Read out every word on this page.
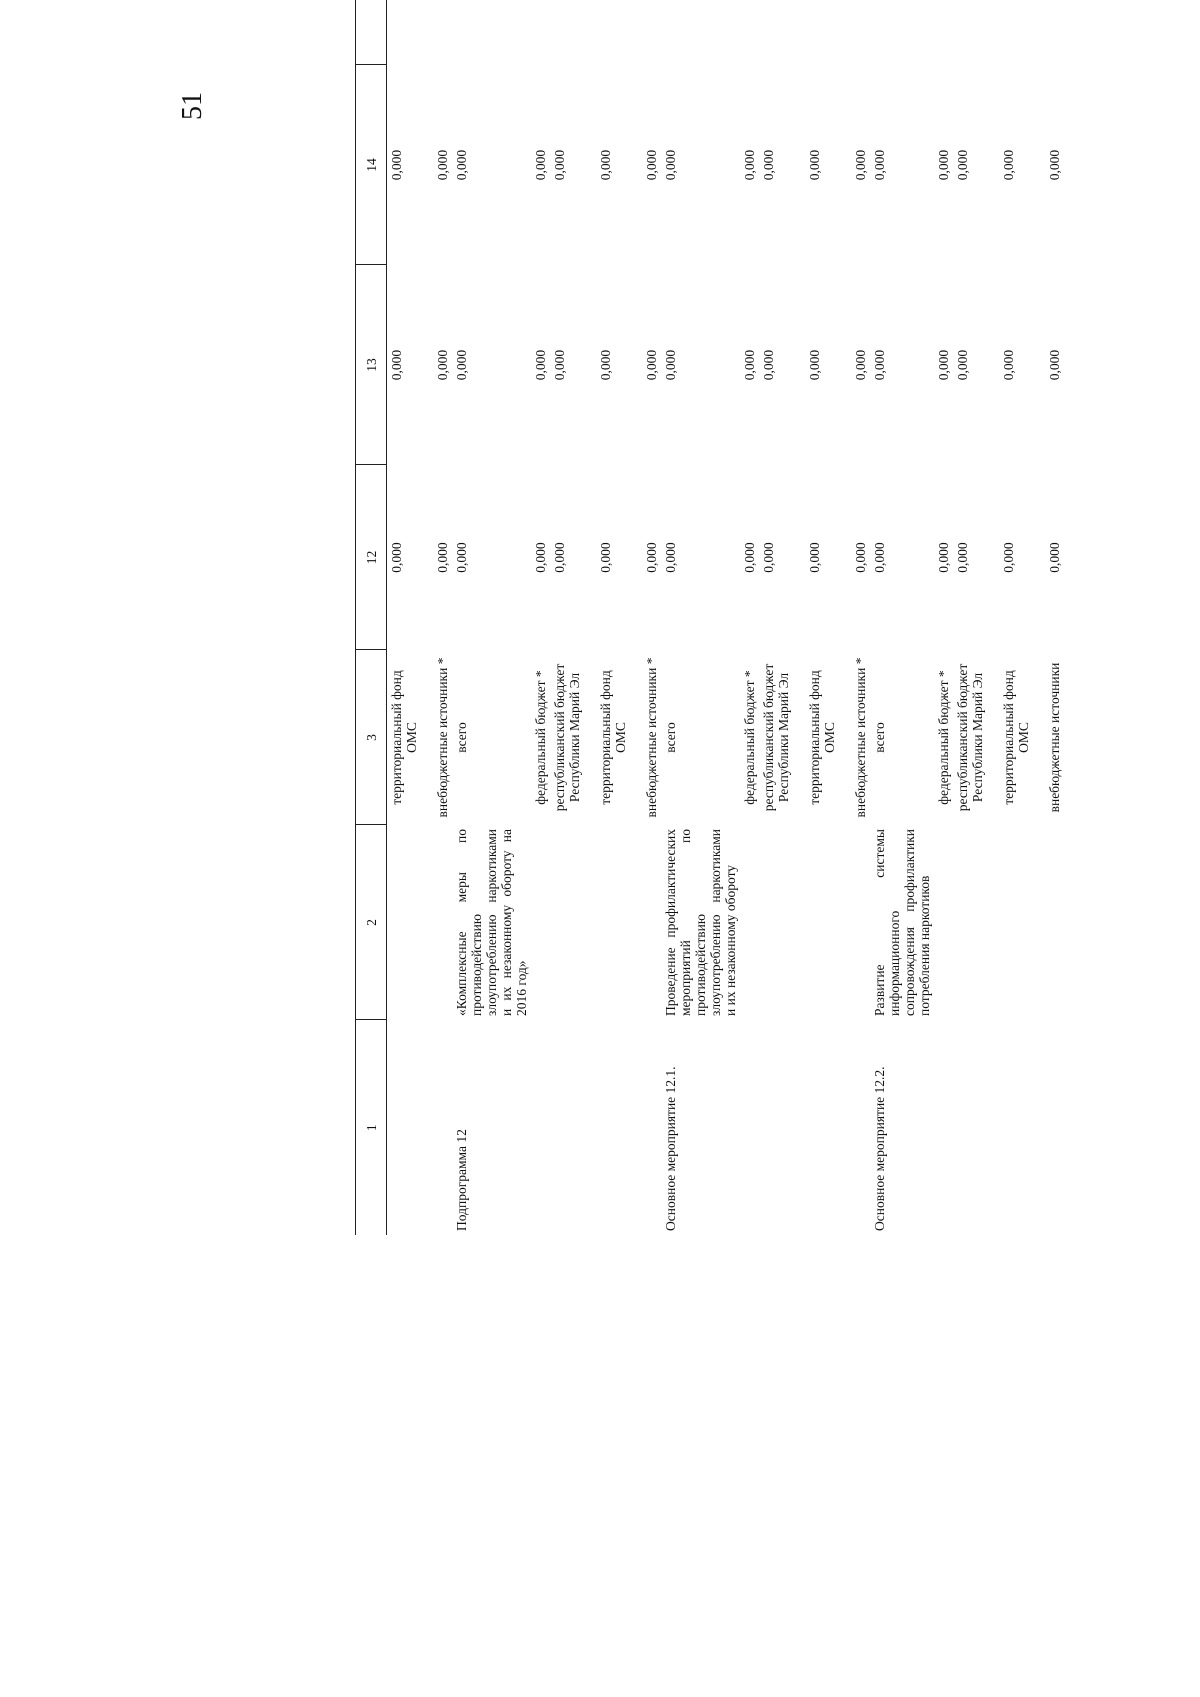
51
1	2	3	12	13	14		
		территориальный фонд ОМС	0,000	0,000	0,000		
		внебюджетные источники *	0,000	0,000	0,000		
Подпрограмма 12	«Комплексные меры по противодействию злоупотреблению наркотиками и их незаконному обороту на 2016 год»	всего	0,000	0,000	0,000		
		федеральный бюджет *	0,000	0,000	0,000		
		республиканский бюджет Республики Марий Эл	0,000	0,000	0,000		
		территориальный фонд ОМС	0,000	0,000	0,000		
		внебюджетные источники *	0,000	0,000	0,000		
Основное мероприятие 12.1.	Проведение профилактических мероприятий по противодействию злоупотреблению наркотиками и их незаконному обороту	всего	0,000	0,000	0,000		
		федеральный бюджет *	0,000	0,000	0,000		
		республиканский бюджет Республики Марий Эл	0,000	0,000	0,000		
		территориальный фонд ОМС	0,000	0,000	0,000		
		внебюджетные источники *	0,000	0,000	0,000		
Основное мероприятие 12.2.	Развитие системы информационного сопровождения профилактики потребления наркотиков	всего	0,000	0,000	0,000		
		федеральный бюджет *	0,000	0,000	0,000		
		республиканский бюджет Республики Марий Эл	0,000	0,000	0,000		
		территориальный фонд ОМС	0,000	0,000	0,000		
		внебюджетные источники	0,000	0,000	0,000		
